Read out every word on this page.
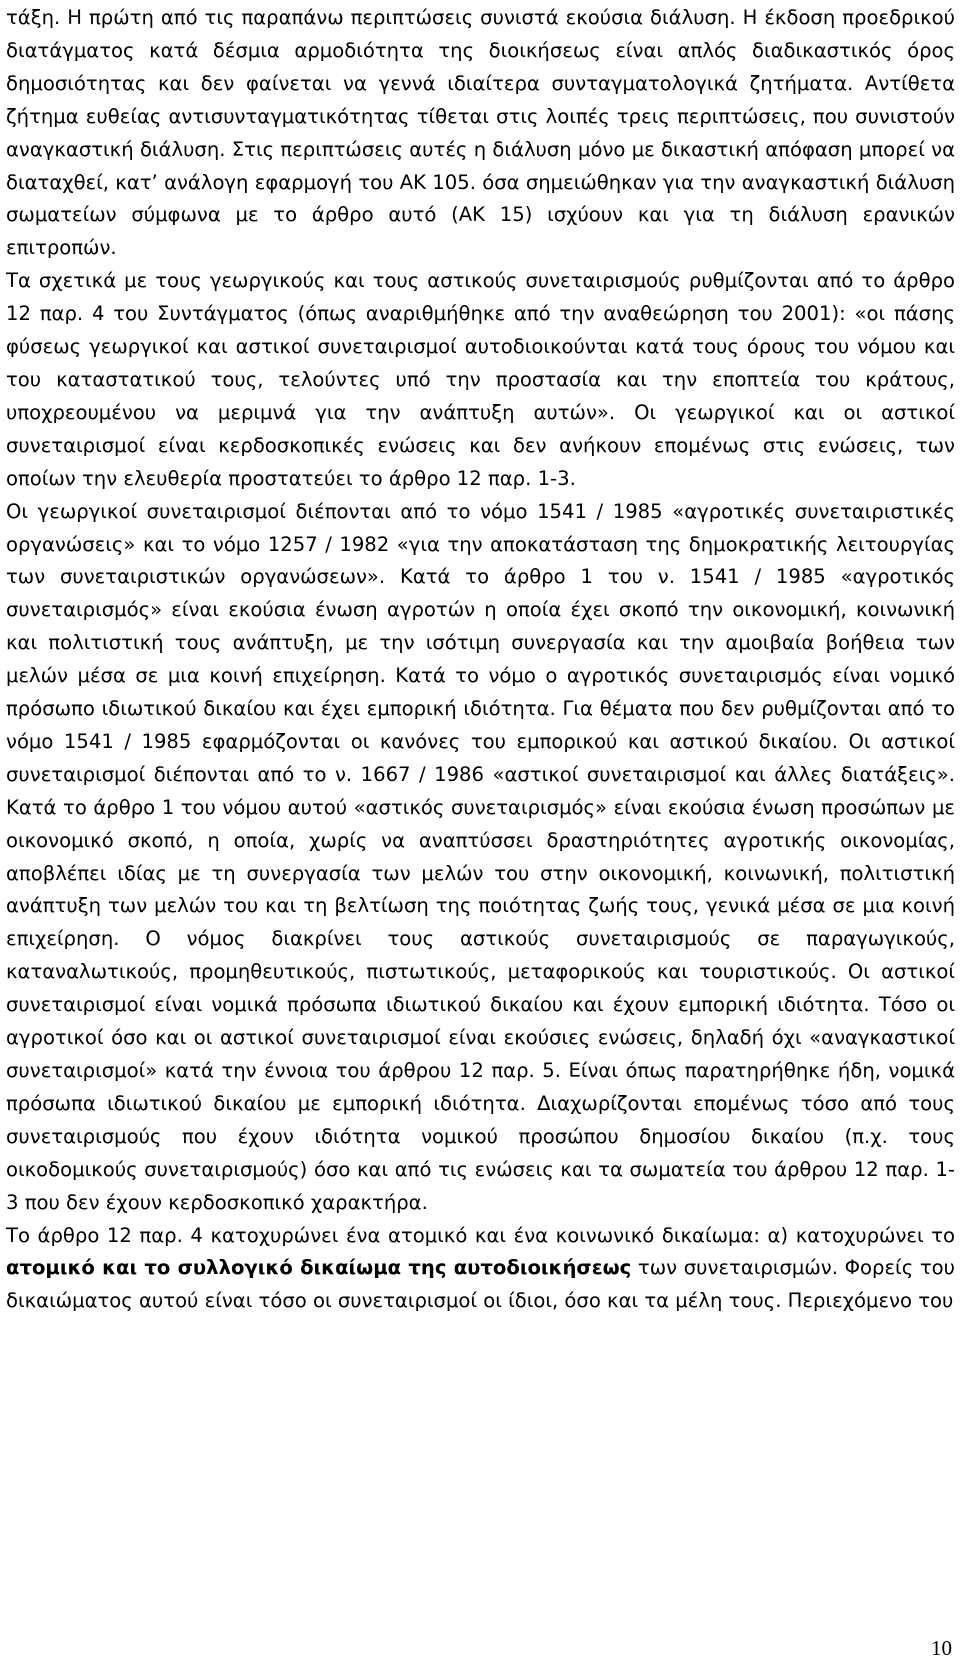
τάξη. Η πρώτη από τις παραπάνω περιπτώσεις συνιστά εκούσια διάλυση. Η έκδοση προεδρικού διατάγματος κατά δέσμια αρμοδιότητα της διοικήσεως είναι απλός διαδικαστικός όρος δημοσιότητας και δεν φαίνεται να γεννά ιδιαίτερα συνταγματολογικά ζητήματα. Αντίθετα ζήτημα ευθείας αντισυνταγματικότητας τίθεται στις λοιπές τρεις περιπτώσεις, που συνιστούν αναγκαστική διάλυση. Στις περιπτώσεις αυτές η διάλυση μόνο με δικαστική απόφαση μπορεί να διαταχθεί, κατ’ ανάλογη εφαρμογή του ΑΚ 105. όσα σημειώθηκαν για την αναγκαστική διάλυση σωματείων σύμφωνα με το άρθρο αυτό (ΑΚ 15) ισχύουν και για τη διάλυση ερανικών επιτροπών.

Τα σχετικά με τους γεωργικούς και τους αστικούς συνεταιρισμούς ρυθμίζονται από το άρθρο 12 παρ. 4 του Συντάγματος (όπως αναριθμήθηκε από την αναθεώρηση του 2001): «οι πάσης φύσεως γεωργικοί και αστικοί συνεταιρισμοί αυτοδιοικούνται κατά τους όρους του νόμου και του καταστατικού τους, τελούντες υπό την προστασία και την εποπτεία του κράτους, υποχρεουμένου να μεριμνά για την ανάπτυξη αυτών». Οι γεωργικοί και οι αστικοί συνεταιρισμοί είναι κερδοσκοπικές ενώσεις και δεν ανήκουν επομένως στις ενώσεις, των οποίων την ελευθερία προστατεύει το άρθρο 12 παρ. 1-3.

Οι γεωργικοί συνεταιρισμοί διέπονται από το νόμο 1541 / 1985 «αγροτικές συνεταιριστικές οργανώσεις» και το νόμο 1257 / 1982 «για την αποκατάσταση της δημοκρατικής λειτουργίας των συνεταιριστικών οργανώσεων». Κατά το άρθρο 1 του ν. 1541 / 1985 «αγροτικός συνεταιρισμός» είναι εκούσια ένωση αγροτών η οποία έχει σκοπό την οικονομική, κοινωνική και πολιτιστική τους ανάπτυξη, με την ισότιμη συνεργασία και την αμοιβαία βοήθεια των μελών μέσα σε μια κοινή επιχείρηση. Κατά το νόμο ο αγροτικός συνεταιρισμός είναι νομικό πρόσωπο ιδιωτικού δικαίου και έχει εμπορική ιδιότητα. Για θέματα που δεν ρυθμίζονται από το νόμο 1541 / 1985 εφαρμόζονται οι κανόνες του εμπορικού και αστικού δικαίου. Οι αστικοί συνεταιρισμοί διέπονται από το ν. 1667 / 1986 «αστικοί συνεταιρισμοί και άλλες διατάξεις». Κατά το άρθρο 1 του νόμου αυτού «αστικός συνεταιρισμός» είναι εκούσια ένωση προσώπων με οικονομικό σκοπό, η οποία, χωρίς να αναπτύσσει δραστηριότητες αγροτικής οικονομίας, αποβλέπει ιδίας με τη συνεργασία των μελών του στην οικονομική, κοινωνική, πολιτιστική ανάπτυξη των μελών του και τη βελτίωση της ποιότητας ζωής τους, γενικά μέσα σε μια κοινή επιχείρηση. Ο νόμος διακρίνει τους αστικούς συνεταιρισμούς σε παραγωγικούς, καταναλωτικούς, προμηθευτικούς, πιστωτικούς, μεταφορικούς και τουριστικούς. Οι αστικοί συνεταιρισμοί είναι νομικά πρόσωπα ιδιωτικού δικαίου και έχουν εμπορική ιδιότητα. Τόσο οι αγροτικοί όσο και οι αστικοί συνεταιρισμοί είναι εκούσιες ενώσεις, δηλαδή όχι «αναγκαστικοί συνεταιρισμοί» κατά την έννοια του άρθρου 12 παρ. 5. Είναι όπως παρατηρήθηκε ήδη, νομικά πρόσωπα ιδιωτικού δικαίου με εμπορική ιδιότητα. Διαχωρίζονται επομένως τόσο από τους συνεταιρισμούς που έχουν ιδιότητα νομικού προσώπου δημοσίου δικαίου (π.χ. τους οικοδομικούς συνεταιρισμούς) όσο και από τις ενώσεις και τα σωματεία του άρθρου 12 παρ. 1-3 που δεν έχουν κερδοσκοπικό χαρακτήρα.

Το άρθρο 12 παρ. 4 κατοχυρώνει ένα ατομικό και ένα κοινωνικό δικαίωμα: α) κατοχυρώνει το ατομικό και το συλλογικό δικαίωμα της αυτοδιοικήσεως των συνεταιρισμών. Φορείς του δικαιώματος αυτού είναι τόσο οι συνεταιρισμοί οι ίδιοι, όσο και τα μέλη τους. Περιεχόμενο του

10
